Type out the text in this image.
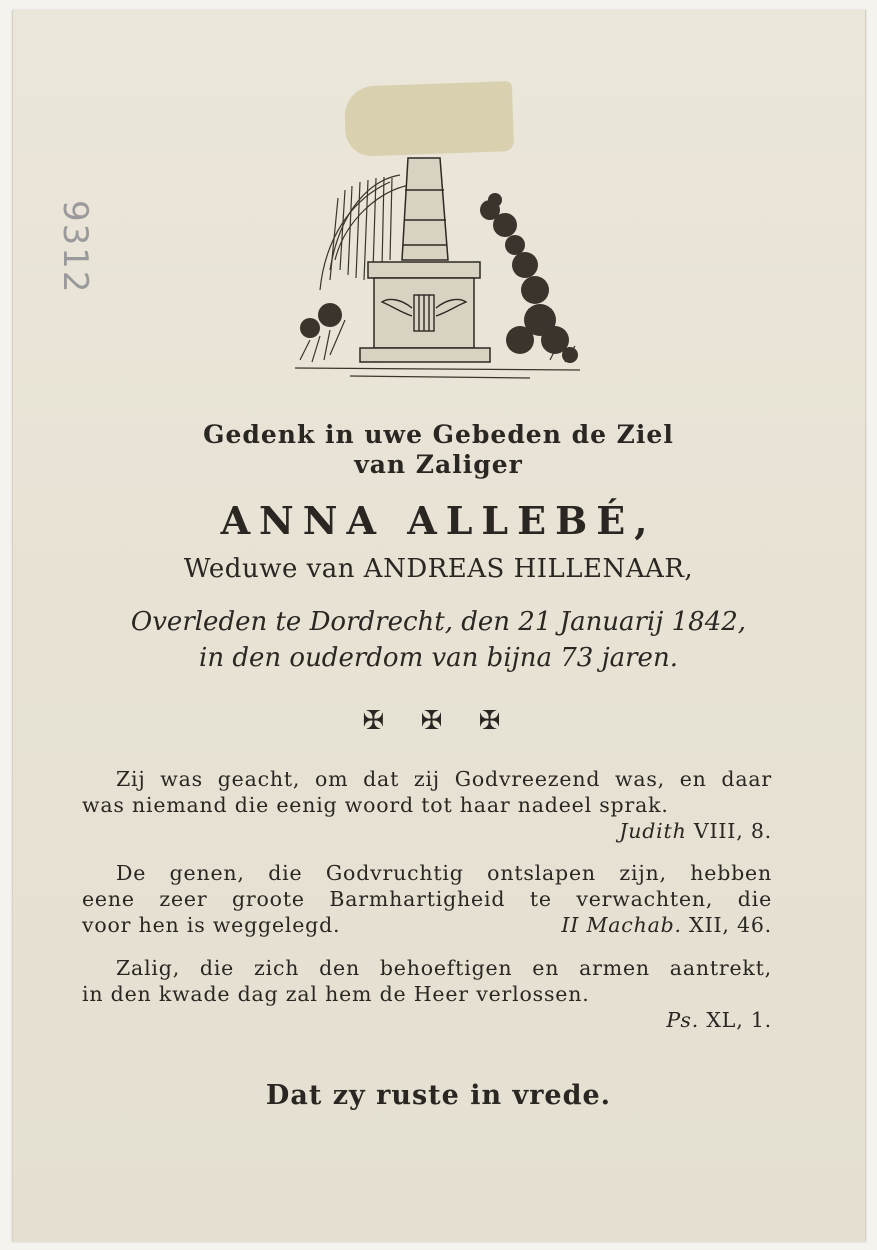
9312
Gedenk in uwe Gebeden de Ziel
van Zaliger
ANNA ALLEBÉ,
Weduwe van ANDREAS HILLENAAR,
Overleden te Dordrecht, den 21 Januarij 1842,
in den ouderdom van bijna 73 jaren.
✠ ✠ ✠

Zij was geacht, om dat zij Godvreezend was, en daar

was niemand die eenig woord tot haar nadeel sprak.

Judith VIII, 8.

De genen, die Godvruchtig ontslapen zijn, hebben

eene zeer groote Barmhartigheid te verwachten, die

voor hen is weggelegd.	II Machab. XII, 46.

Zalig, die zich den behoeftigen en armen aantrekt,

in den kwade dag zal hem de Heer verlossen.

Ps. XL, 1.

Dat zy ruste in vrede.
